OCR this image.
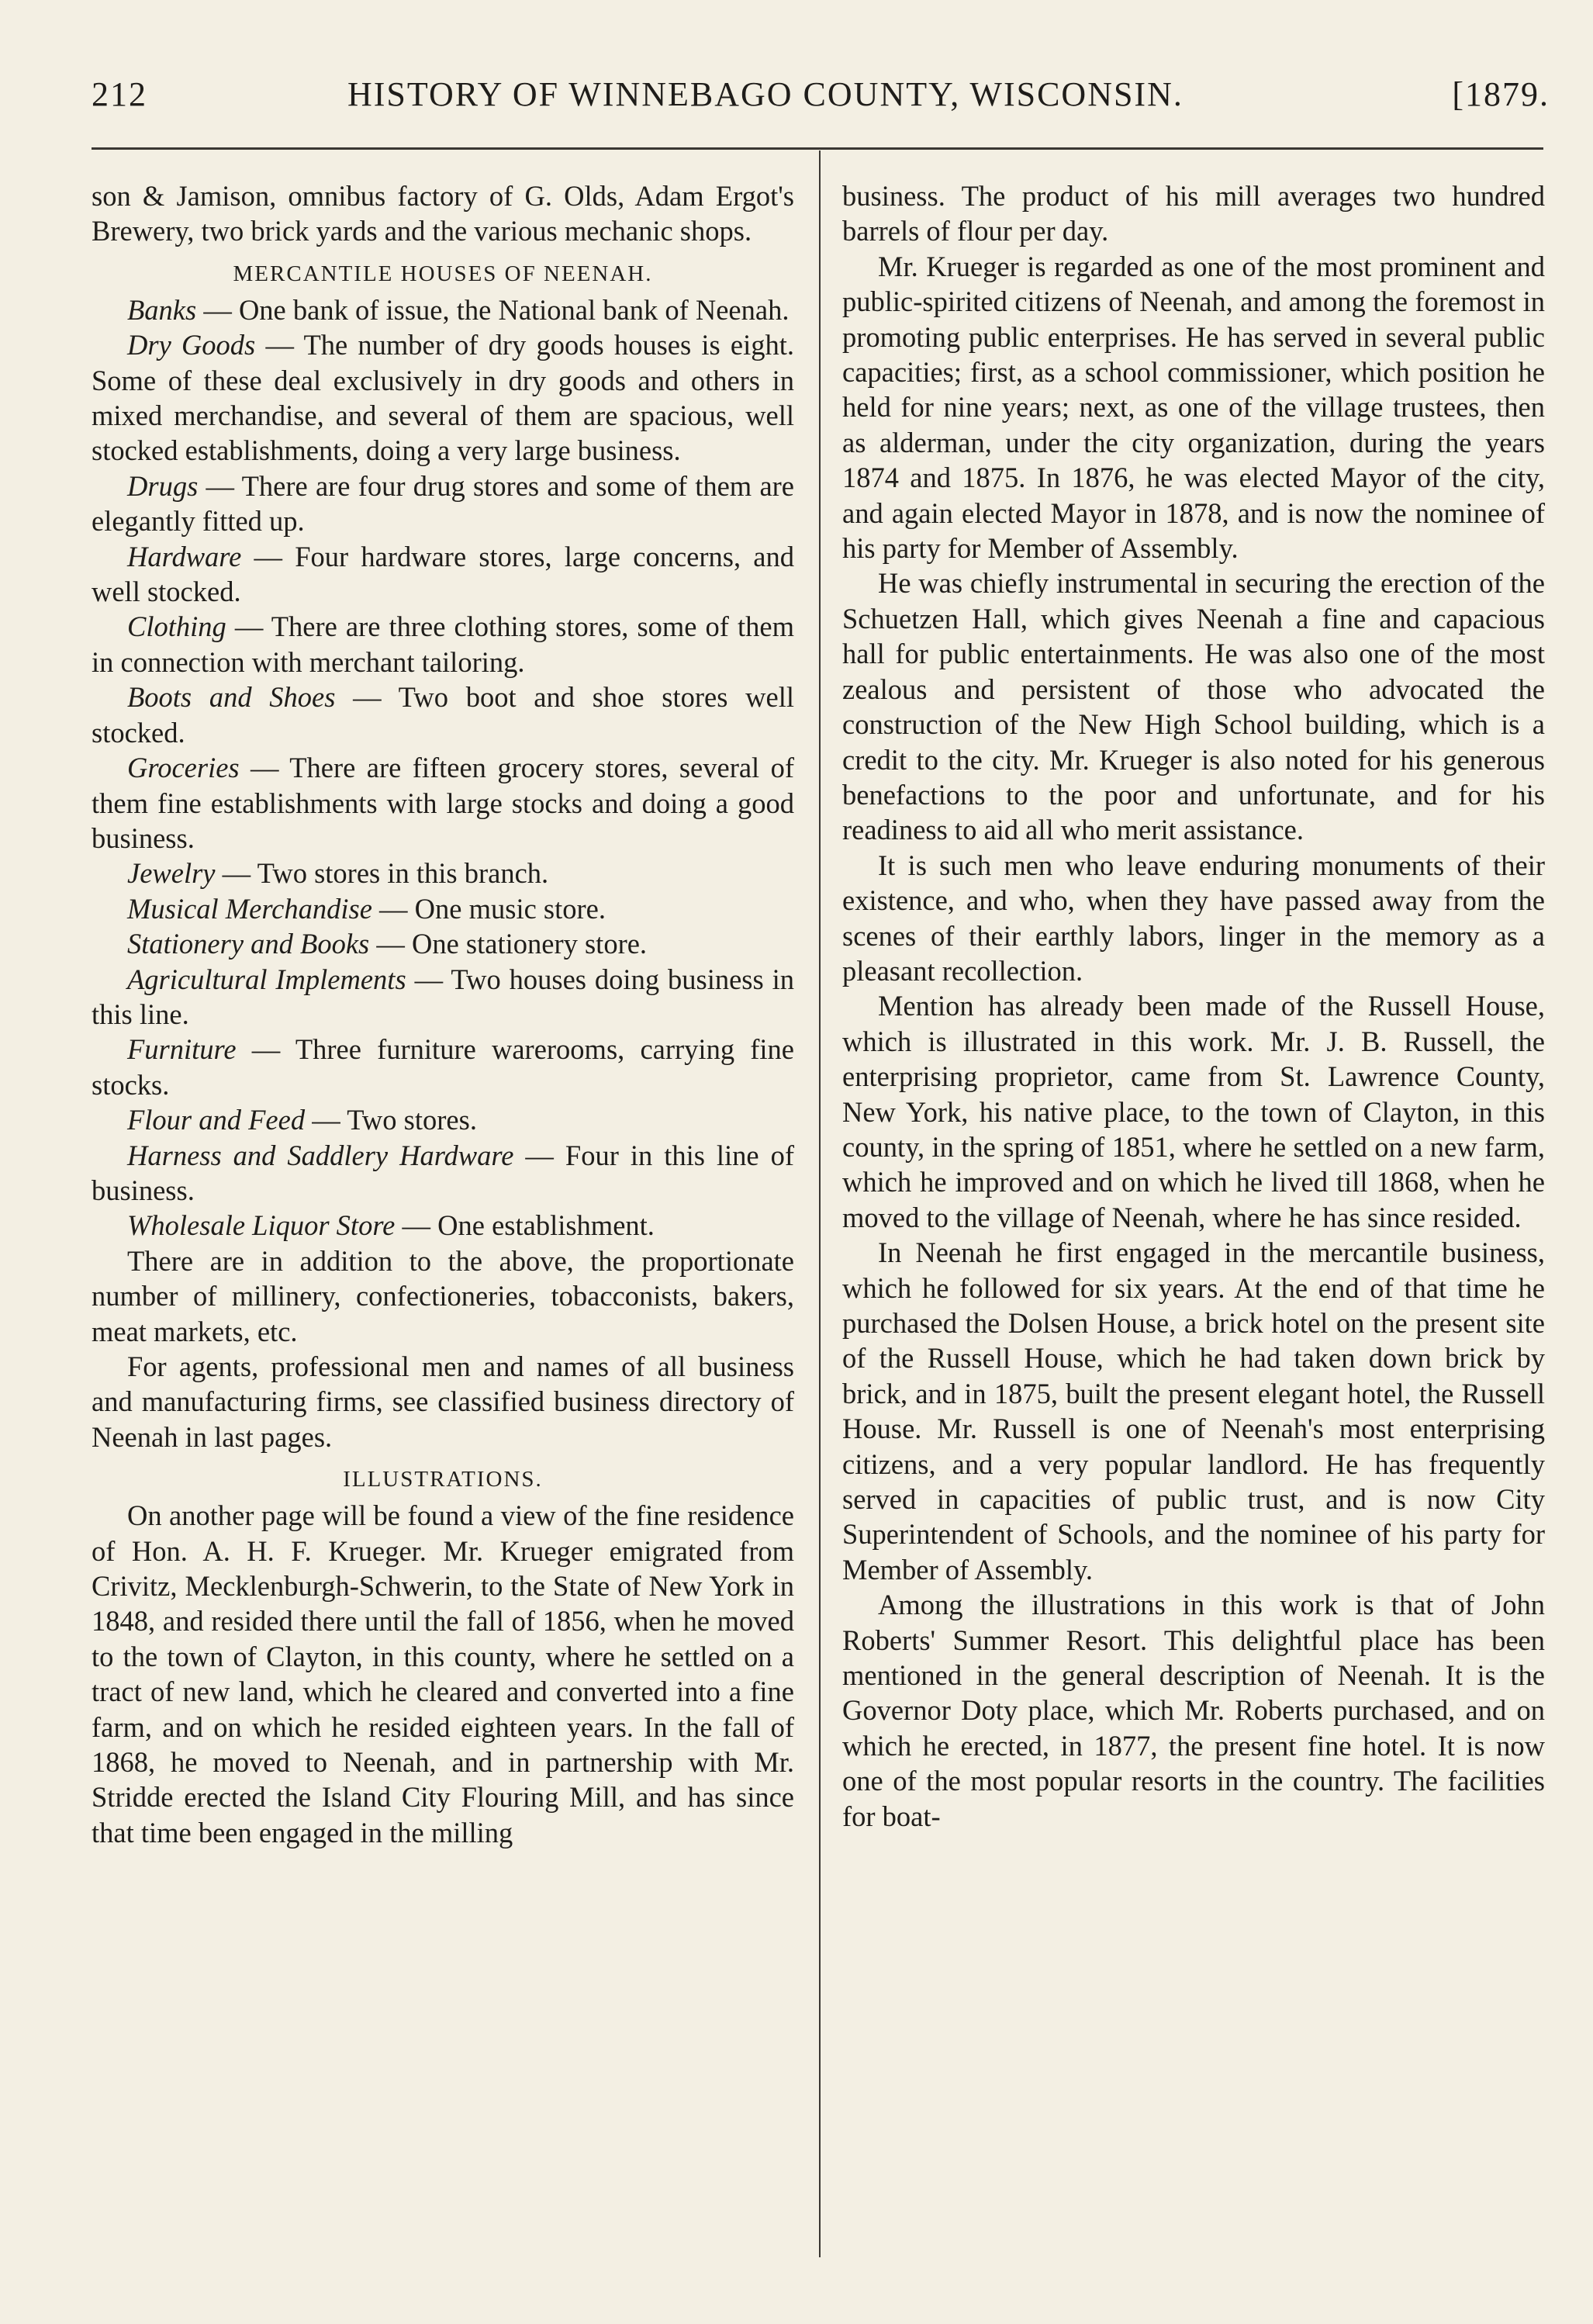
212	HISTORY OF WINNEBAGO COUNTY, WISCONSIN.	[1879.

son & Jamison, omnibus factory of G. Olds, Adam Ergot's Brewery, two brick yards and the various mechanic shops.

MERCANTILE HOUSES OF NEENAH.

Banks — One bank of issue, the National bank of Neenah.

Dry Goods — The number of dry goods houses is eight. Some of these deal exclusively in dry goods and others in mixed merchandise, and several of them are spacious, well stocked establishments, doing a very large business.

Drugs — There are four drug stores and some of them are elegantly fitted up.

Hardware — Four hardware stores, large concerns, and well stocked.

Clothing — There are three clothing stores, some of them in connection with merchant tailoring.

Boots and Shoes — Two boot and shoe stores well stocked.

Groceries — There are fifteen grocery stores, several of them fine establishments with large stocks and doing a good business.

Jewelry — Two stores in this branch.

Musical Merchandise — One music store.

Stationery and Books — One stationery store.

Agricultural Implements — Two houses doing business in this line.

Furniture — Three furniture warerooms, carrying fine stocks.

Flour and Feed — Two stores.

Harness and Saddlery Hardware — Four in this line of business.

Wholesale Liquor Store — One establishment.

There are in addition to the above, the proportionate number of millinery, confectioneries, tobacconists, bakers, meat markets, etc.

For agents, professional men and names of all business and manufacturing firms, see classified business directory of Neenah in last pages.

ILLUSTRATIONS.

On another page will be found a view of the fine residence of Hon. A. H. F. Krueger. Mr. Krueger emigrated from Crivitz, Mecklenburgh-Schwerin, to the State of New York in 1848, and resided there until the fall of 1856, when he moved to the town of Clayton, in this county, where he settled on a tract of new land, which he cleared and converted into a fine farm, and on which he resided eighteen years. In the fall of 1868, he moved to Neenah, and in partnership with Mr. Stridde erected the Island City Flouring Mill, and has since that time been engaged in the milling

business. The product of his mill averages two hundred barrels of flour per day.

Mr. Krueger is regarded as one of the most prominent and public-spirited citizens of Neenah, and among the foremost in promoting public enterprises. He has served in several public capacities; first, as a school commissioner, which position he held for nine years; next, as one of the village trustees, then as alderman, under the city organization, during the years 1874 and 1875. In 1876, he was elected Mayor of the city, and again elected Mayor in 1878, and is now the nominee of his party for Member of Assembly.

He was chiefly instrumental in securing the erection of the Schuetzen Hall, which gives Neenah a fine and capacious hall for public entertainments. He was also one of the most zealous and persistent of those who advocated the construction of the New High School building, which is a credit to the city. Mr. Krueger is also noted for his generous benefactions to the poor and unfortunate, and for his readiness to aid all who merit assistance.

It is such men who leave enduring monuments of their existence, and who, when they have passed away from the scenes of their earthly labors, linger in the memory as a pleasant recollection.

Mention has already been made of the Russell House, which is illustrated in this work. Mr. J. B. Russell, the enterprising proprietor, came from St. Lawrence County, New York, his native place, to the town of Clayton, in this county, in the spring of 1851, where he settled on a new farm, which he improved and on which he lived till 1868, when he moved to the village of Neenah, where he has since resided.

In Neenah he first engaged in the mercantile business, which he followed for six years. At the end of that time he purchased the Dolsen House, a brick hotel on the present site of the Russell House, which he had taken down brick by brick, and in 1875, built the present elegant hotel, the Russell House. Mr. Russell is one of Neenah's most enterprising citizens, and a very popular landlord. He has frequently served in capacities of public trust, and is now City Superintendent of Schools, and the nominee of his party for Member of Assembly.

Among the illustrations in this work is that of John Roberts' Summer Resort. This delightful place has been mentioned in the general description of Neenah. It is the Governor Doty place, which Mr. Roberts purchased, and on which he erected, in 1877, the present fine hotel. It is now one of the most popular resorts in the country. The facilities for boat-
